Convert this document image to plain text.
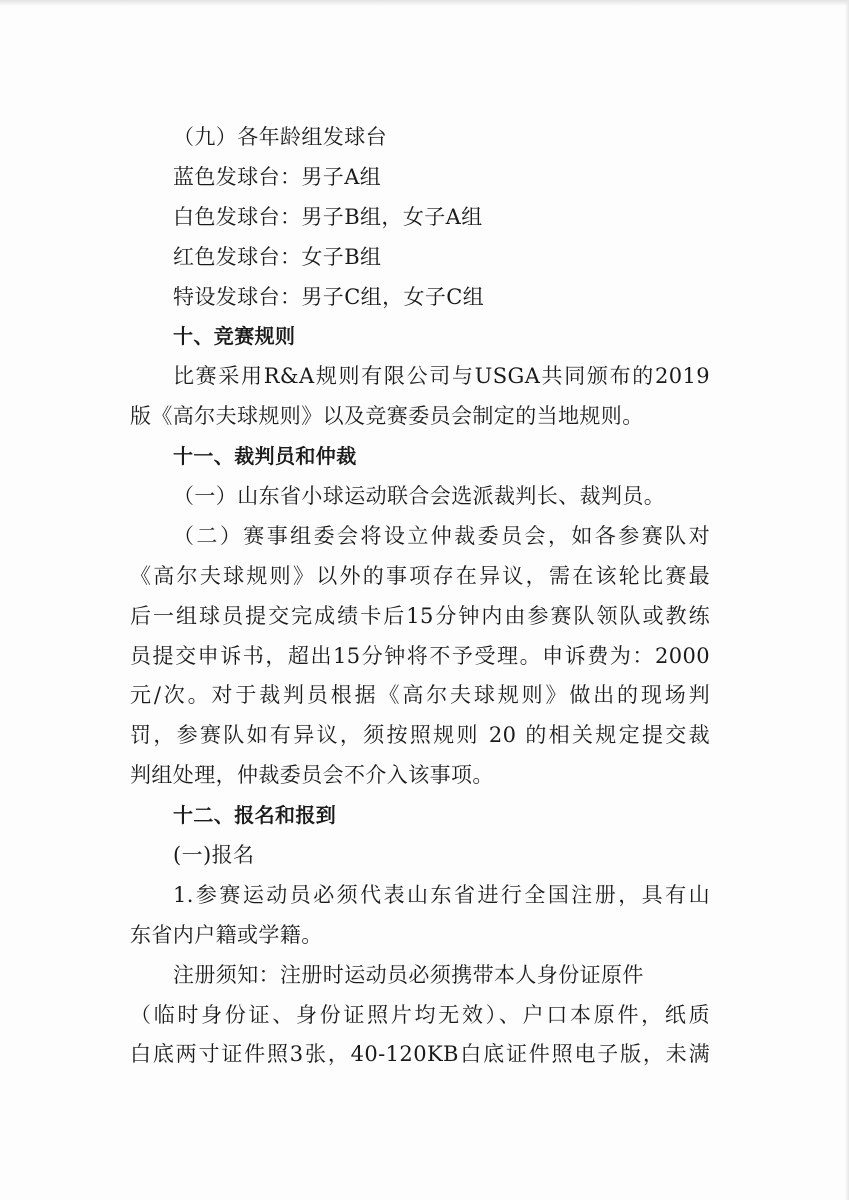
（九）各年龄组发球台
蓝色发球台：男子A组
白色发球台：男子B组，女子A组
红色发球台：女子B组
特设发球台：男子C组，女子C组
十、竞赛规则
比赛采用R&A规则有限公司与USGA共同颁布的2019
版《高尔夫球规则》以及竞赛委员会制定的当地规则。
十一、裁判员和仲裁
（一）山东省小球运动联合会选派裁判长、裁判员。
（二）赛事组委会将设立仲裁委员会，如各参赛队对
《高尔夫球规则》以外的事项存在异议，需在该轮比赛最
后一组球员提交完成绩卡后15分钟内由参赛队领队或教练
员提交申诉书，超出15分钟将不予受理。申诉费为：2000
元/次。对于裁判员根据《高尔夫球规则》做出的现场判
罚，参赛队如有异议，须按照规则 20 的相关规定提交裁
判组处理，仲裁委员会不介入该事项。
十二、报名和报到
(一)报名
1.参赛运动员必须代表山东省进行全国注册，具有山
东省内户籍或学籍。
注册须知：注册时运动员必须携带本人身份证原件
（临时身份证、身份证照片均无效）、户口本原件，纸质
白底两寸证件照3张，40-120KB白底证件照电子版，未满
